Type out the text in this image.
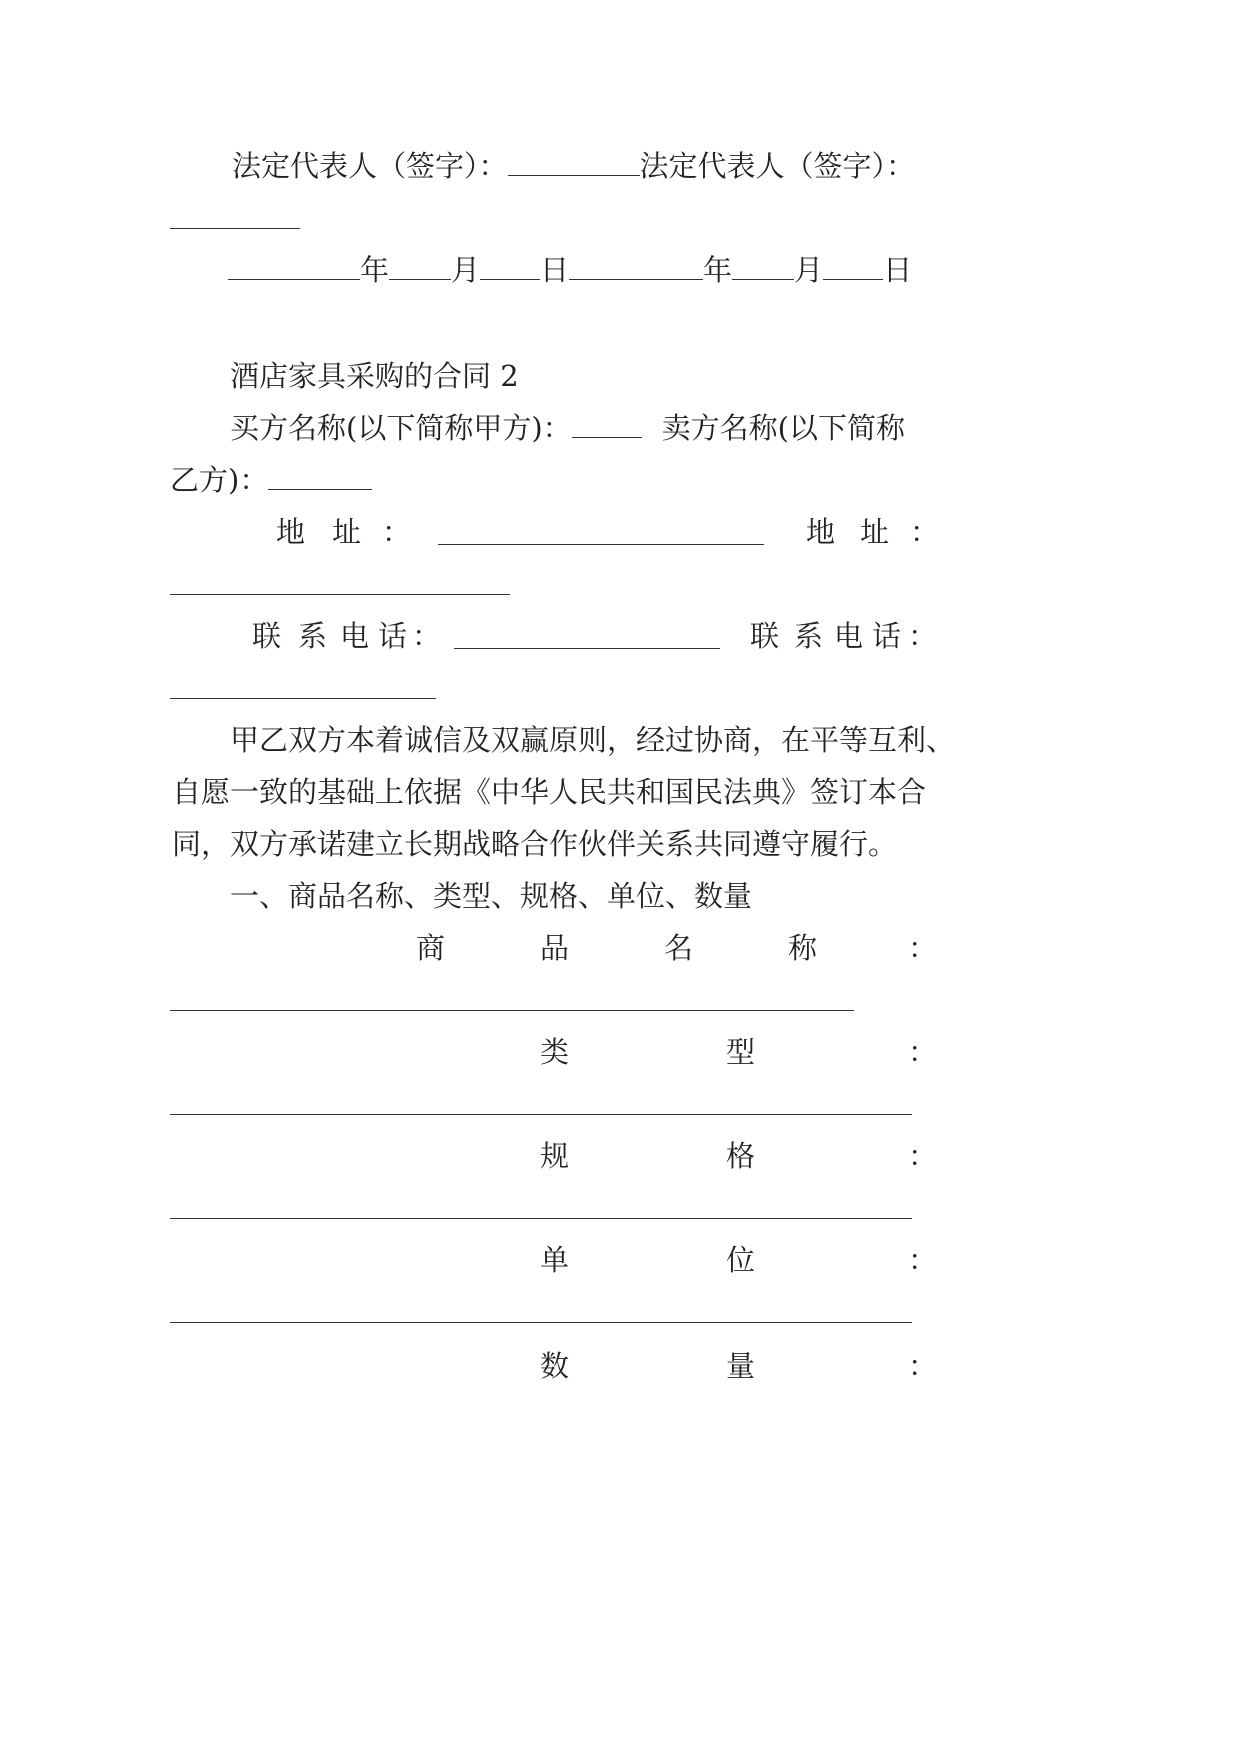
法定代表人（签字）：	法定代表人（签字）：
年 月 日	年 月 日
酒店家具采购的合同 2
买方名称(以下简称甲方)：	卖方名称(以下简称
乙方)：
地 址 ：	地 址 ：
联 系 电 话 ：	联 系 电 话 ：
甲乙双方本着诚信及双赢原则，经过协商，在平等互利、
自愿一致的基础上依据《中华人民共和国民法典》签订本合
同，双方承诺建立长期战略合作伙伴关系共同遵守履行。
一、商品名称、类型、规格、单位、数量
商	品	名	称	：
类	型	：
规	格	：
单	位	：
数	量	：
